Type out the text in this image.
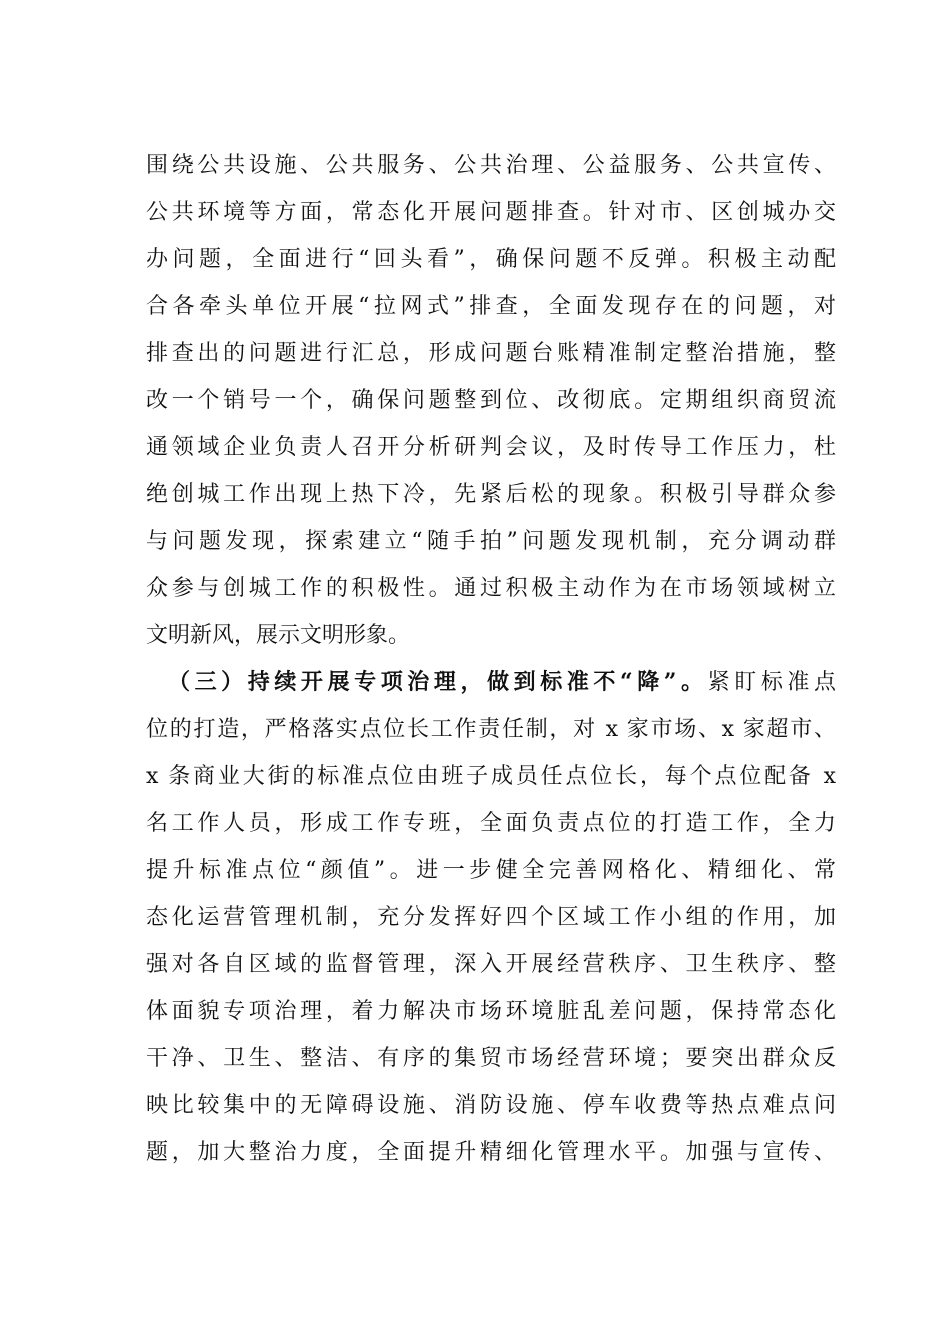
围绕公共设施、公共服务、公共治理、公益服务、公共宣传、
公共环境等方面，常态化开展问题排查。针对市、区创城办交
办问题，全面进行“回头看”，确保问题不反弹。积极主动配
合各牵头单位开展“拉网式”排查，全面发现存在的问题，对
排查出的问题进行汇总，形成问题台账精准制定整治措施，整
改一个销号一个，确保问题整到位、改彻底。定期组织商贸流
通领域企业负责人召开分析研判会议，及时传导工作压力，杜
绝创城工作出现上热下冷，先紧后松的现象。积极引导群众参
与问题发现，探索建立“随手拍”问题发现机制，充分调动群
众参与创城工作的积极性。通过积极主动作为在市场领域树立
文明新风，展示文明形象。
（三）持续开展专项治理，做到标准不“降”。紧盯标准点
位的打造，严格落实点位长工作责任制，对 x 家市场、x 家超市、
x 条商业大街的标准点位由班子成员任点位长，每个点位配备 x
名工作人员，形成工作专班，全面负责点位的打造工作，全力
提升标准点位“颜值”。进一步健全完善网格化、精细化、常
态化运营管理机制，充分发挥好四个区域工作小组的作用，加
强对各自区域的监督管理，深入开展经营秩序、卫生秩序、整
体面貌专项治理，着力解决市场环境脏乱差问题，保持常态化
干净、卫生、整洁、有序的集贸市场经营环境；要突出群众反
映比较集中的无障碍设施、消防设施、停车收费等热点难点问
题，加大整治力度，全面提升精细化管理水平。加强与宣传、
